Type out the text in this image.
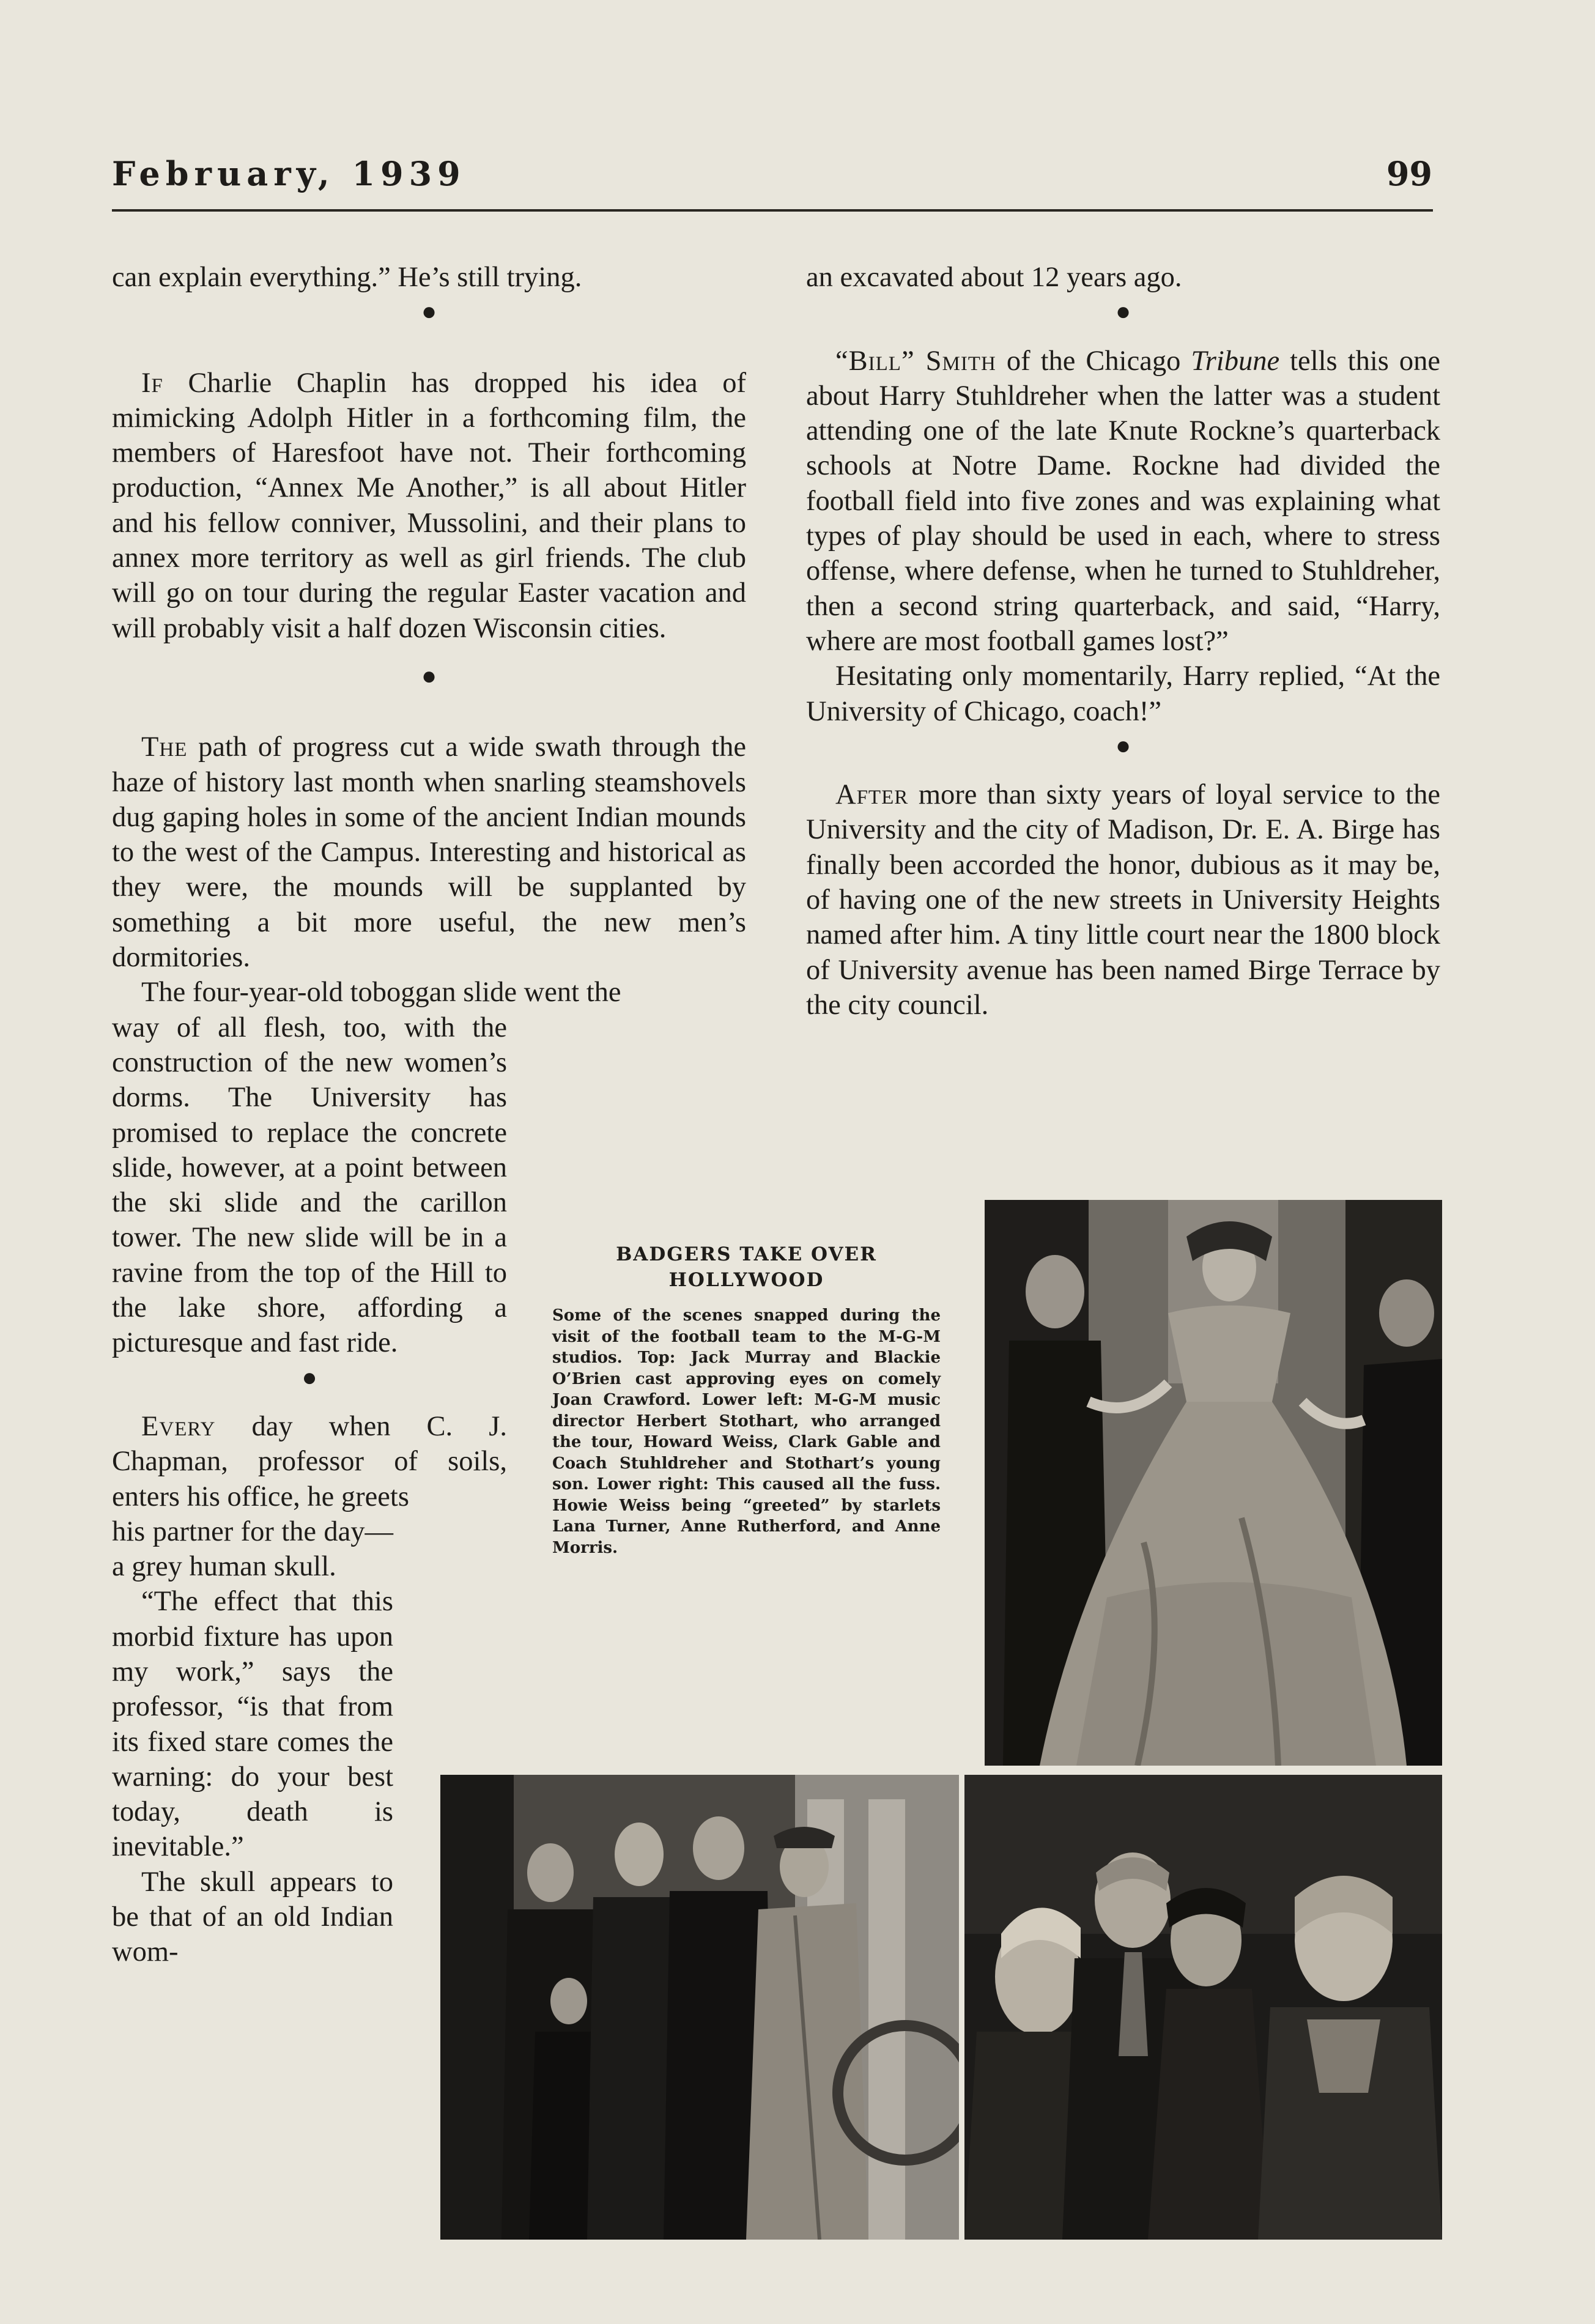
February, 1939	99

can explain everything.” He’s still trying.

●

If Charlie Chaplin has dropped his idea of mimicking Adolph Hitler in a forthcoming film, the members of Haresfoot have not. Their forthcoming production, “Annex Me Another,” is all about Hitler and his fellow conniver, Mussolini, and their plans to annex more territory as well as girl friends. The club will go on tour during the regular Easter vacation and will probably visit a half dozen Wisconsin cities.

●

The path of progress cut a wide swath through the haze of history last month when snarling steamshovels dug gaping holes in some of the ancient Indian mounds to the west of the Campus. Interesting and historical as they were, the mounds will be supplanted by something a bit more useful, the new men’s dormitories.

The four-year-old toboggan slide went the

way of all flesh, too, with the construction of the new women’s dorms. The University has promised to replace the concrete slide, however, at a point between the ski slide and the carillon tower. The new slide will be in a ravine from the top of the Hill to the lake shore, affording a picturesque and fast ride.

●

Every day when C. J. Chapman, professor of soils, enters his office, he greets

his partner for the day—a grey human skull.

“The effect that this morbid fixture has upon my work,” says the professor, “is that from its fixed stare comes the warning: do your best today, death is inevitable.”

The skull appears to be that of an old Indian wom-

an excavated about 12 years ago.

●

“Bill” Smith of the Chicago Tribune tells this one about Harry Stuhldreher when the latter was a student attending one of the late Knute Rockne’s quarterback schools at Notre Dame. Rockne had divided the football field into five zones and was explaining what types of play should be used in each, where to stress offense, where defense, when he turned to Stuhldreher, then a second string quarterback, and said, “Harry, where are most football games lost?”

Hesitating only momentarily, Harry replied, “At the University of Chicago, coach!”

●

After more than sixty years of loyal service to the University and the city of Madison, Dr. E. A. Birge has finally been accorded the honor, dubious as it may be, of having one of the new streets in University Heights named after him. A tiny little court near the 1800 block of University avenue has been named Birge Terrace by the city council.

BADGERS TAKE OVER HOLLYWOOD

Some of the scenes snapped during the visit of the football team to the M-G-M studios. Top: Jack Murray and Blackie O’Brien cast approving eyes on comely Joan Crawford. Lower left: M-G-M music director Herbert Stothart, who arranged the tour, Howard Weiss, Clark Gable and Coach Stuhldreher and Stothart’s young son. Lower right: This caused all the fuss. Howie Weiss being “greeted” by starlets Lana Turner, Anne Rutherford, and Anne Morris.
